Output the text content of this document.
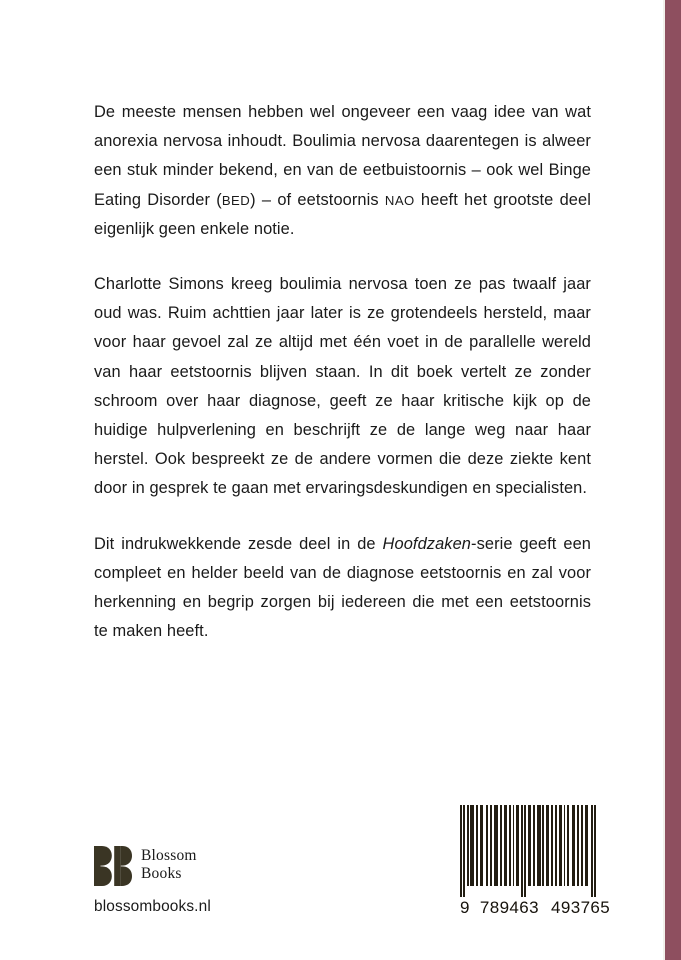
De meeste mensen hebben wel ongeveer een vaag idee van wat anorexia nervosa inhoudt. Boulimia nervosa daarentegen is alweer een stuk minder bekend, en van de eetbuistoornis – ook wel Binge Eating Disorder (BED) – of eetstoornis NAO heeft het grootste deel eigenlijk geen enkele notie.

Charlotte Simons kreeg boulimia nervosa toen ze pas twaalf jaar oud was. Ruim achttien jaar later is ze grotendeels hersteld, maar voor haar gevoel zal ze altijd met één voet in de parallelle wereld van haar eetstoornis blijven staan. In dit boek vertelt ze zonder schroom over haar diagnose, geeft ze haar kritische kijk op de huidige hulpverlening en beschrijft ze de lange weg naar haar herstel. Ook bespreekt ze de andere vormen die deze ziekte kent door in gesprek te gaan met ervaringsdeskundigen en specialisten.

Dit indrukwekkende zesde deel in de Hoofdzaken-serie geeft een compleet en helder beeld van de diagnose eetstoornis en zal voor herkenning en begrip zorgen bij iedereen die met een eetstoornis te maken heeft.

Blossom
Books
blossombooks.nl	9 789463 493765
